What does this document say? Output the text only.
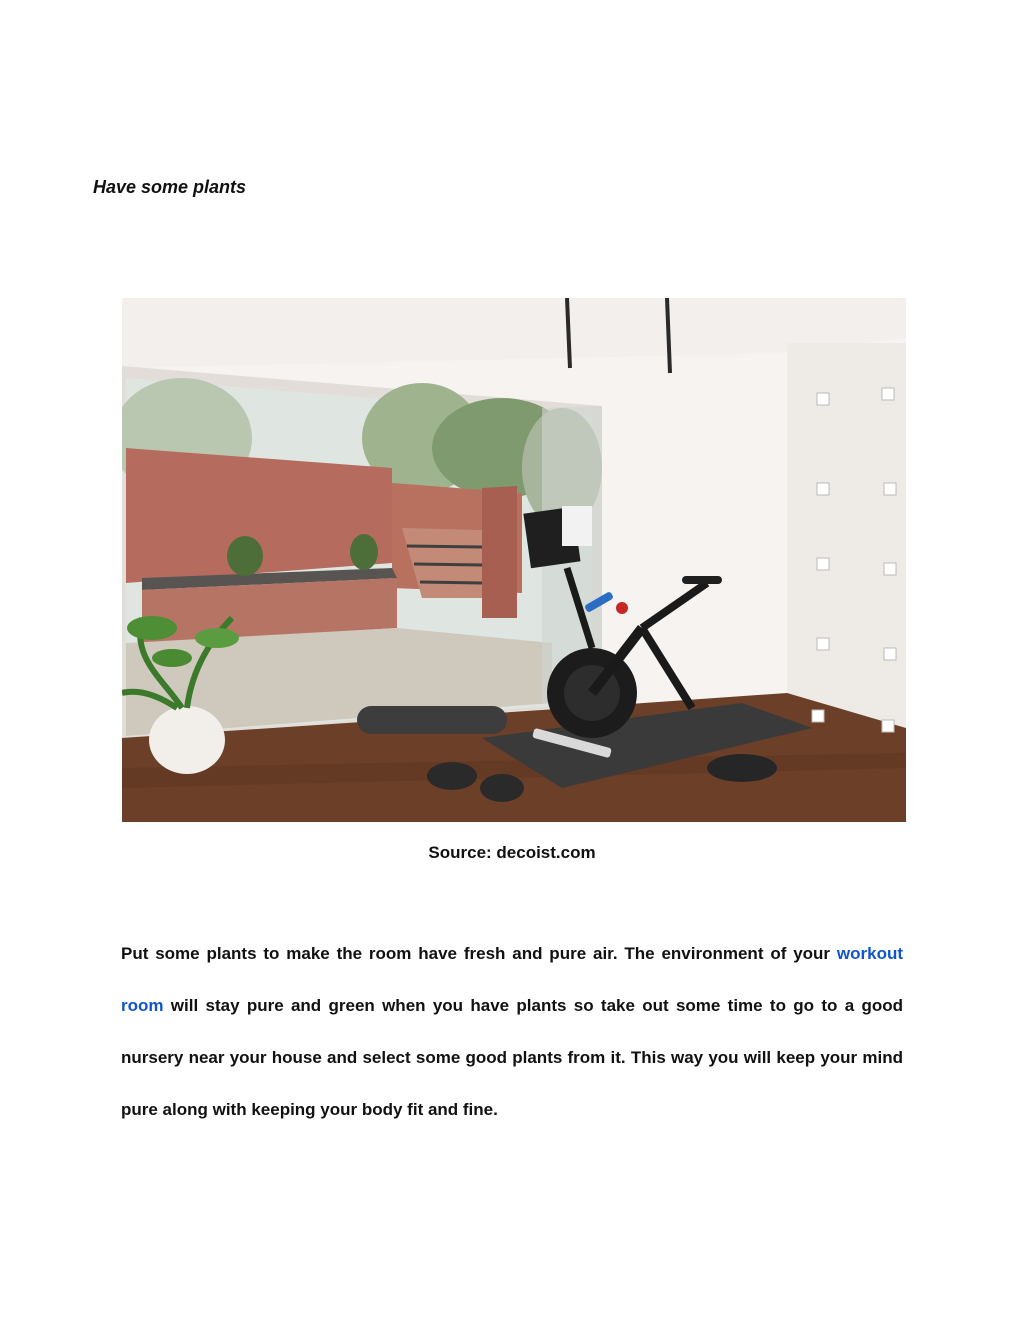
Have some plants

Source: decoist.com

Put some plants to make the room have fresh and pure air. The environment of your workout room will stay pure and green when you have plants so take out some time to go to a good nursery near your house and select some good plants from it. This way you will keep your mind pure along with keeping your body fit and fine.
